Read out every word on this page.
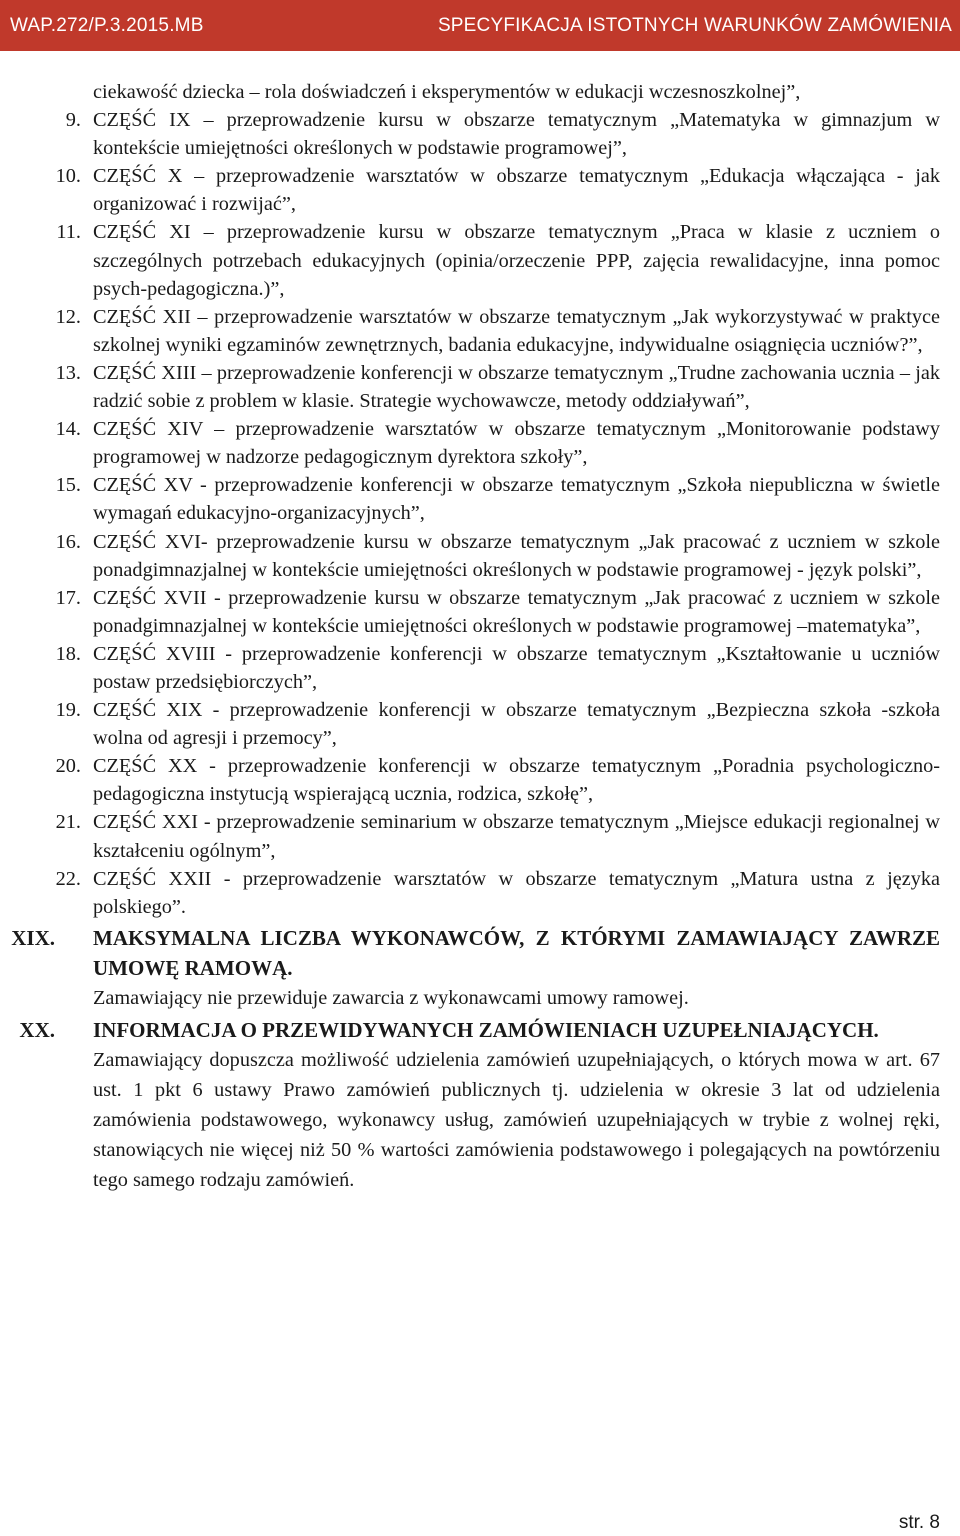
WAP.272/P.3.2015.MB	SPECYFIKACJA ISTOTNYCH WARUNKÓW ZAMÓWIENIA
ciekawość dziecka – rola doświadczeń i eksperymentów w edukacji wczesnoszkolnej”,
9. CZĘŚĆ IX – przeprowadzenie kursu w obszarze tematycznym „Matematyka w gimnazjum w kontekście umiejętności określonych w podstawie programowej”,
10. CZĘŚĆ X – przeprowadzenie warsztatów w obszarze tematycznym „Edukacja włączająca - jak organizować i rozwijać”,
11. CZĘŚĆ XI – przeprowadzenie kursu w obszarze tematycznym „Praca w klasie z uczniem o szczególnych potrzebach edukacyjnych (opinia/orzeczenie PPP, zajęcia rewalidacyjne, inna pomoc psych-pedagogiczna.)”,
12. CZĘŚĆ XII – przeprowadzenie warsztatów w obszarze tematycznym „Jak wykorzystywać w praktyce szkolnej wyniki egzaminów zewnętrznych, badania edukacyjne, indywidualne osiągnięcia uczniów?”,
13. CZĘŚĆ XIII – przeprowadzenie konferencji w obszarze tematycznym „Trudne zachowania ucznia – jak radzić sobie z problem w klasie. Strategie wychowawcze, metody oddziaływań”,
14. CZĘŚĆ XIV – przeprowadzenie warsztatów w obszarze tematycznym „Monitorowanie podstawy programowej w nadzorze pedagogicznym dyrektora szkoły”,
15. CZĘŚĆ XV - przeprowadzenie konferencji w obszarze tematycznym „Szkoła niepubliczna w świetle wymagań edukacyjno-organizacyjnych”,
16. CZĘŚĆ XVI- przeprowadzenie kursu w obszarze tematycznym „Jak pracować z uczniem w szkole ponadgimnazjalnej w kontekście umiejętności określonych w podstawie programowej - język polski”,
17. CZĘŚĆ XVII - przeprowadzenie kursu w obszarze tematycznym „Jak pracować z uczniem w szkole ponadgimnazjalnej w kontekście umiejętności określonych w podstawie programowej –matematyka”,
18. CZĘŚĆ XVIII - przeprowadzenie konferencji w obszarze tematycznym „Kształtowanie u uczniów postaw przedsiębiorczych”,
19. CZĘŚĆ XIX - przeprowadzenie konferencji w obszarze tematycznym „Bezpieczna szkoła -szkoła wolna od agresji i przemocy”,
20. CZĘŚĆ XX - przeprowadzenie konferencji w obszarze tematycznym „Poradnia psychologiczno-pedagogiczna instytucją wspierającą ucznia, rodzica, szkołę”,
21. CZĘŚĆ XXI - przeprowadzenie seminarium w obszarze tematycznym „Miejsce edukacji regionalnej w kształceniu ogólnym”,
22. CZĘŚĆ XXII - przeprowadzenie warsztatów w obszarze tematycznym „Matura ustna z języka polskiego”.
XIX. MAKSYMALNA LICZBA WYKONAWCÓW, Z KTÓRYMI ZAMAWIAJĄCY ZAWRZE UMOWĘ RAMOWĄ.
Zamawiający nie przewiduje zawarcia z wykonawcami umowy ramowej.
XX. INFORMACJA O PRZEWIDYWANYCH ZAMÓWIENIACH UZUPEŁNIAJĄCYCH.
Zamawiający dopuszcza możliwość udzielenia zamówień uzupełniających, o których mowa w art. 67 ust. 1 pkt 6 ustawy Prawo zamówień publicznych tj. udzielenia w okresie 3 lat od udzielenia zamówienia podstawowego, wykonawcy usług, zamówień uzupełniających w trybie z wolnej ręki, stanowiących nie więcej niż 50 % wartości zamówienia podstawowego i polegających na powtórzeniu tego samego rodzaju zamówień.
str. 8
